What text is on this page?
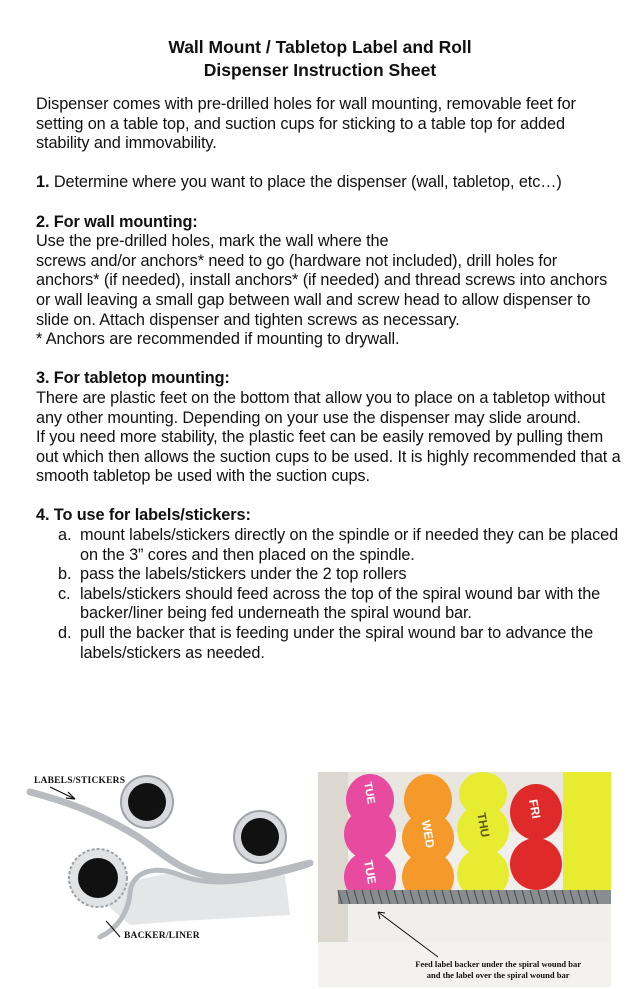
Wall Mount / Tabletop Label and Roll
Dispenser Instruction Sheet

Dispenser comes with pre-drilled holes for wall mounting, removable feet for setting on a table top, and suction cups for sticking to a table top for added stability and immovability.

1. Determine where you want to place the dispenser (wall, tabletop, etc…)

2. For wall mounting:
Use the pre-drilled holes, mark the wall where the
screws and/or anchors* need to go (hardware not included), drill holes for anchors* (if needed), install anchors* (if needed) and thread screws into anchors or wall leaving a small gap between wall and screw head to allow dispenser to slide on. Attach dispenser and tighten screws as necessary.
* Anchors are recommended if mounting to drywall.
3. For tabletop mounting:
There are plastic feet on the bottom that allow you to place on a tabletop without any other mounting. Depending on your use the dispenser may slide around.
If you need more stability, the plastic feet can be easily removed by pulling them out which then allows the suction cups to be used. It is highly recommended that a smooth tabletop be used with the suction cups.
4. To use for labels/stickers:
a. mount labels/stickers directly on the spindle or if needed they can be placed on the 3” cores and then placed on the spindle.
b. pass the labels/stickers under the 2 top rollers
c. labels/stickers should feed across the top of the spiral wound bar with the backer/liner being fed underneath the spiral wound bar.
d. pull the backer that is feeding under the spiral wound bar to advance the labels/stickers as needed.
LABELS/STICKERS
BACKER/LINER
TUE
TUE
WED	THU
FRI
Feed label backer under the spiral wound bar
and the label over the spiral wound bar
